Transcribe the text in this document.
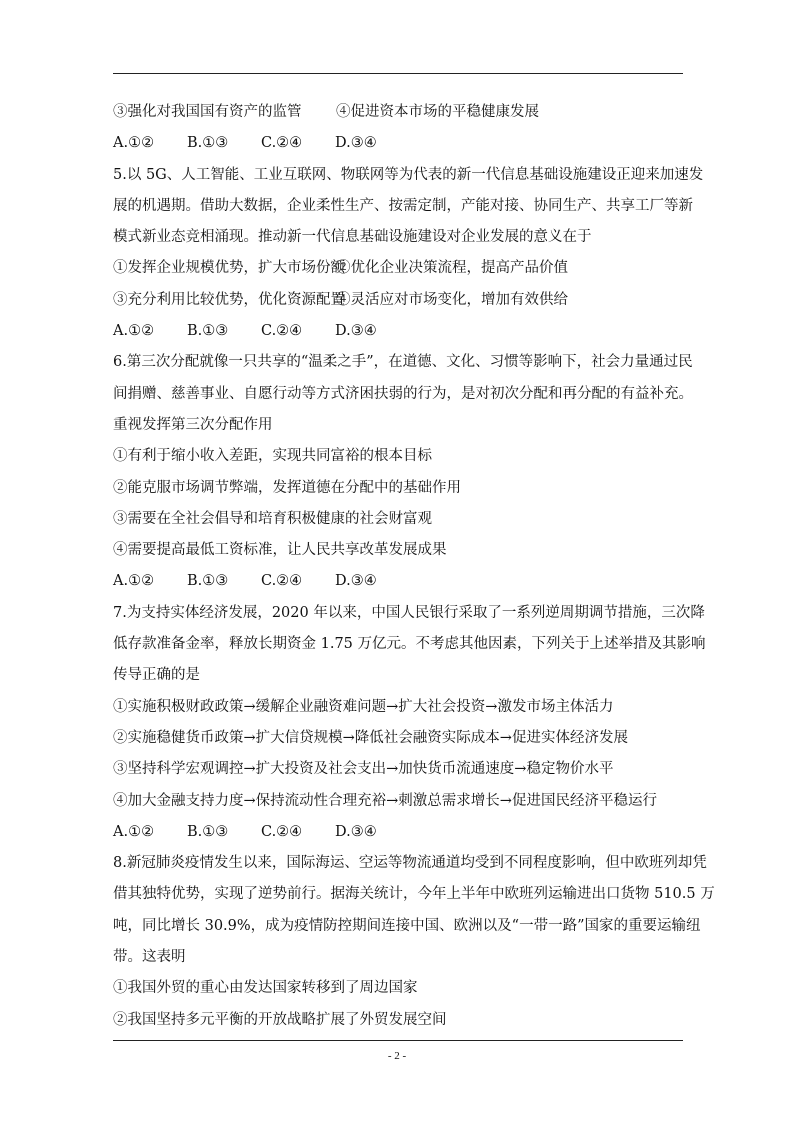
③强化对我国国有资产的监管 ④促进资本市场的平稳健康发展
A.①② B.①③ C.②④ D.③④
5.以 5G、人工智能、工业互联网、物联网等为代表的新一代信息基础设施建设正迎来加速发
展的机遇期。借助大数据，企业柔性生产、按需定制，产能对接、协同生产、共享工厂等新
模式新业态竞相涌现。推动新一代信息基础设施建设对企业发展的意义在于
①发挥企业规模优势，扩大市场份额②优化企业决策流程，提高产品价值
③充分利用比较优势，优化资源配置④灵活应对市场变化，增加有效供给
A.①② B.①③ C.②④ D.③④
6.第三次分配就像一只共享的“温柔之手”，在道德、文化、习惯等影响下，社会力量通过民
间捐赠、慈善事业、自愿行动等方式济困扶弱的行为，是对初次分配和再分配的有益补充。
重视发挥第三次分配作用
①有利于缩小收入差距，实现共同富裕的根本目标
②能克服市场调节弊端，发挥道德在分配中的基础作用
③需要在全社会倡导和培育积极健康的社会财富观
④需要提高最低工资标准，让人民共享改革发展成果
A.①② B.①③ C.②④ D.③④
7.为支持实体经济发展，2020 年以来，中国人民银行采取了一系列逆周期调节措施，三次降
低存款准备金率，释放长期资金 1.75 万亿元。不考虑其他因素，下列关于上述举措及其影响
传导正确的是
①实施积极财政政策→缓解企业融资难问题→扩大社会投资→激发市场主体活力
②实施稳健货币政策→扩大信贷规模→降低社会融资实际成本→促进实体经济发展
③坚持科学宏观调控→扩大投资及社会支出→加快货币流通速度→稳定物价水平
④加大金融支持力度→保持流动性合理充裕→刺激总需求增长→促进国民经济平稳运行
A.①② B.①③ C.②④ D.③④
8.新冠肺炎疫情发生以来，国际海运、空运等物流通道均受到不同程度影响，但中欧班列却凭
借其独特优势，实现了逆势前行。据海关统计，今年上半年中欧班列运输进出口货物 510.5 万
吨，同比增长 30.9%，成为疫情防控期间连接中国、欧洲以及“一带一路”国家的重要运输纽
带。这表明
①我国外贸的重心由发达国家转移到了周边国家
②我国坚持多元平衡的开放战略扩展了外贸发展空间
- 2 -
